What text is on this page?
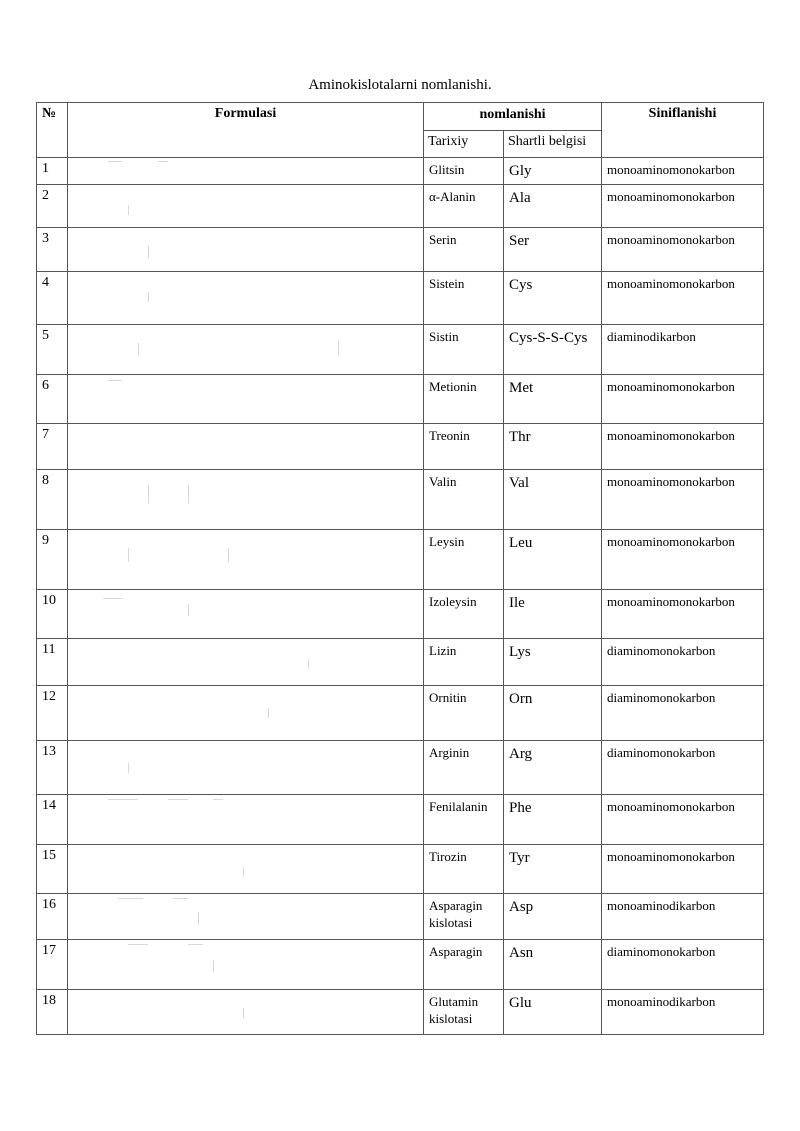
Aminokislotalarni nomlanishi.
№	Formulasi	nomlanishi		Siniflanishi
		Tarixiy	Shartli belgisi	
1		Glitsin	Gly	monoaminomonokarbon
2		α-Alanin	Ala	monoaminomonokarbon
3		Serin	Ser	monoaminomonokarbon
4		Sistein	Cys	monoaminomonokarbon
5		Sistin	Cys-S-S-Cys	diaminodikarbon
6		Metionin	Met	monoaminomonokarbon
7		Treonin	Thr	monoaminomonokarbon
8		Valin	Val	monoaminomonokarbon
9		Leysin	Leu	monoaminomonokarbon
10		Izoleysin	Ile	monoaminomonokarbon
11		Lizin	Lys	diaminomonokarbon
12		Ornitin	Orn	diaminomonokarbon
13		Arginin	Arg	diaminomonokarbon
14		Fenilalanin	Phe	monoaminomonokarbon
15		Tirozin	Tyr	monoaminomonokarbon
16		Asparagin kislotasi	Asp	monoaminodikarbon
17		Asparagin	Asn	diaminomonokarbon
18		Glutamin kislotasi	Glu	monoaminodikarbon
